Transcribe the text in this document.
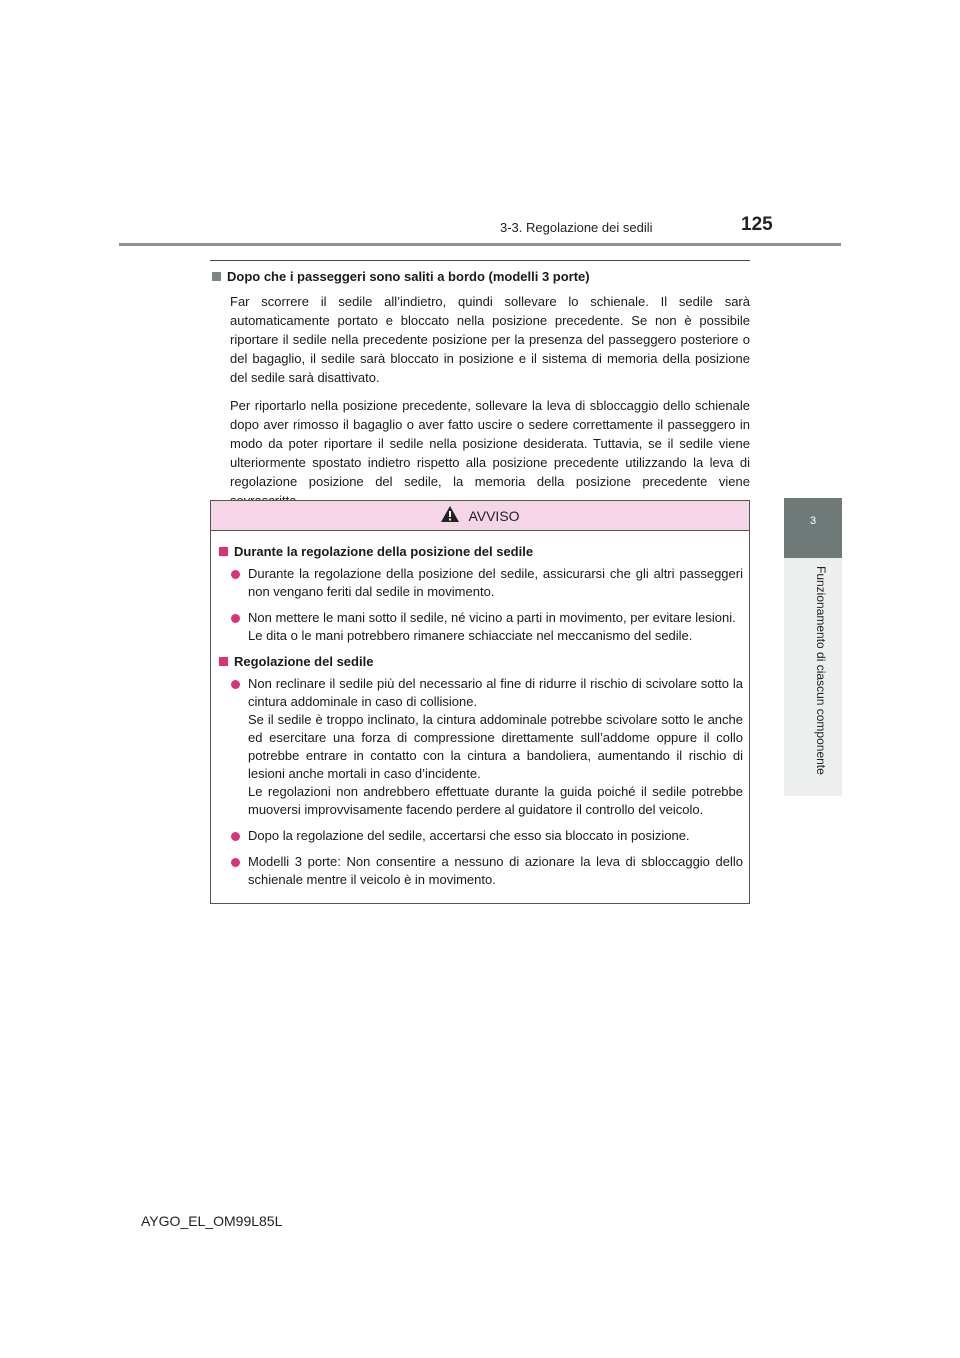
3-3. Regolazione dei sedili	125
3
Funzionamento di ciascun componente
Dopo che i passeggeri sono saliti a bordo (modelli 3 porte)

Far scorrere il sedile all’indietro, quindi sollevare lo schienale. Il sedile sarà automaticamente portato e bloccato nella posizione precedente. Se non è possibile riportare il sedile nella precedente posizione per la presenza del passeggero posteriore o del bagaglio, il sedile sarà bloccato in posizione e il sistema di memoria della posizione del sedile sarà disattivato.

Per riportarlo nella posizione precedente, sollevare la leva di sbloccaggio dello schienale dopo aver rimosso il bagaglio o aver fatto uscire o sedere correttamente il passeggero in modo da poter riportare il sedile nella posizione desiderata. Tuttavia, se il sedile viene ulteriormente spostato indietro rispetto alla posizione precedente utilizzando la leva di regolazione posizione del sedile, la memoria della posizione precedente viene

AVVISO
Durante la regolazione della posizione del sedile

Durante la regolazione della posizione del sedile, assicurarsi che gli altri passeggeri non vengano feriti dal sedile in movimento.

Non mettere le mani sotto il sedile, né vicino a parti in movimento, per evitare lesioni.

Le dita o le mani potrebbero rimanere schiacciate nel meccanismo del sedile.

Regolazione del sedile

Non reclinare il sedile più del necessario al fine di ridurre il rischio di scivolare sotto la cintura addominale in caso di collisione.

Se il sedile è troppo inclinato, la cintura addominale potrebbe scivolare sotto le anche ed esercitare una forza di compressione direttamente sull’addome oppure il collo potrebbe entrare in contatto con la cintura a bandoliera, aumentando il rischio di lesioni anche mortali in caso d’incidente.

Le regolazioni non andrebbero effettuate durante la guida poiché il sedile potrebbe muoversi improvvisamente facendo perdere al guidatore il controllo del veicolo.

Dopo la regolazione del sedile, accertarsi che esso sia bloccato in posizione.

Modelli 3 porte: Non consentire a nessuno di azionare la leva di sbloccaggio dello schienale mentre il veicolo è in movimento.

AYGO_EL_OM99L85L
